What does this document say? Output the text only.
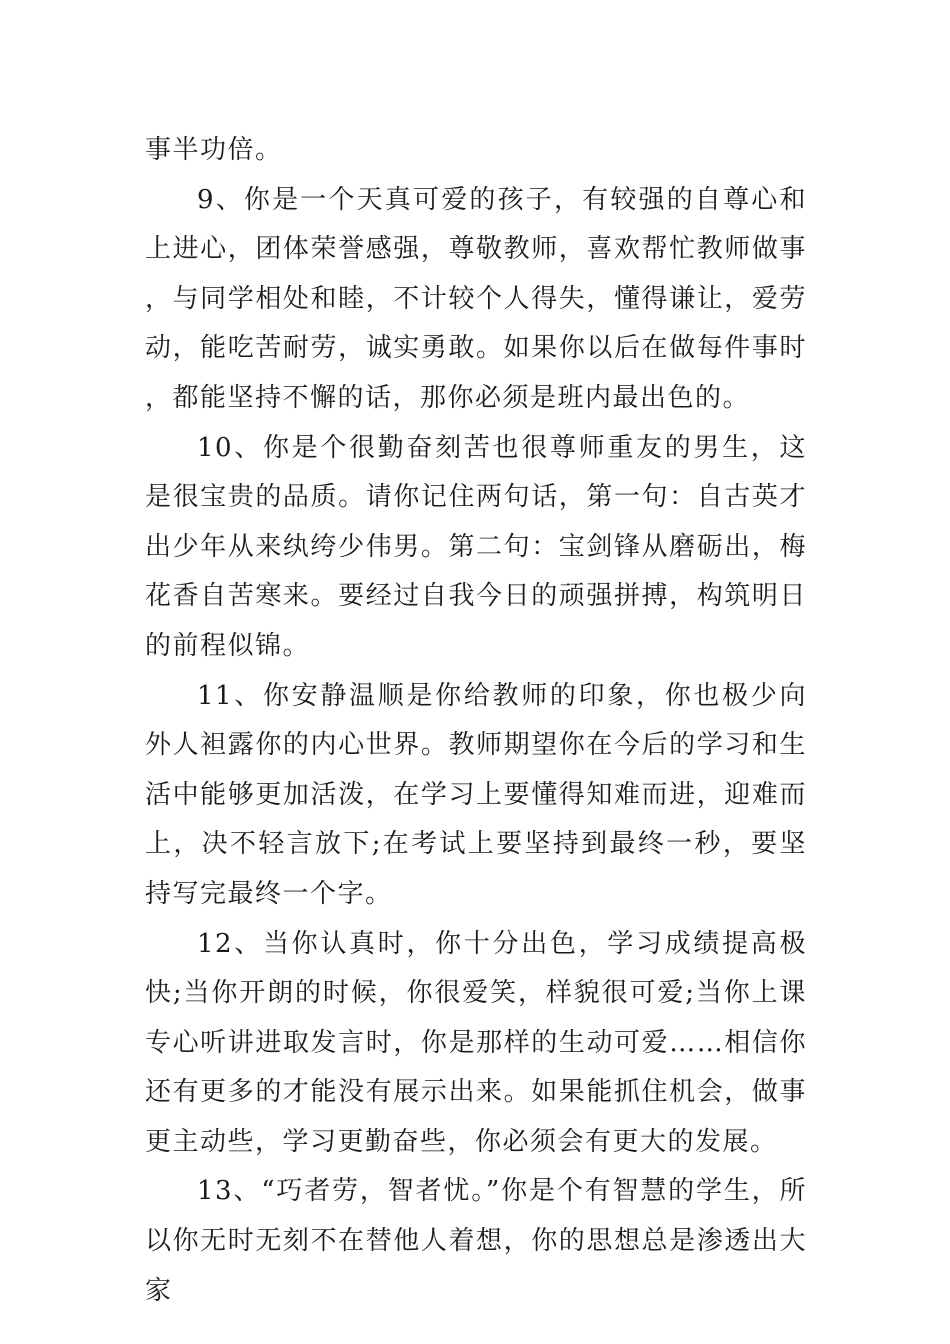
事半功倍。

9、你是一个天真可爱的孩子，有较强的自尊心和上进心，团体荣誉感强，尊敬教师，喜欢帮忙教师做事，与同学相处和睦，不计较个人得失，懂得谦让，爱劳动，能吃苦耐劳，诚实勇敢。如果你以后在做每件事时，都能坚持不懈的话，那你必须是班内最出色的。

10、你是个很勤奋刻苦也很尊师重友的男生，这是很宝贵的品质。请你记住两句话，第一句：自古英才出少年从来纨绔少伟男。第二句：宝剑锋从磨砺出，梅花香自苦寒来。要经过自我今日的顽强拼搏，构筑明日的前程似锦。

11、你安静温顺是你给教师的印象，你也极少向外人袒露你的内心世界。教师期望你在今后的学习和生活中能够更加活泼，在学习上要懂得知难而进，迎难而上，决不轻言放下;在考试上要坚持到最终一秒，要坚持写完最终一个字。

12、当你认真时，你十分出色，学习成绩提高极快;当你开朗的时候，你很爱笑，样貌很可爱;当你上课专心听讲进取发言时，你是那样的生动可爱……相信你还有更多的才能没有展示出来。如果能抓住机会，做事更主动些，学习更勤奋些，你必须会有更大的发展。

13、“巧者劳，智者忧。”你是个有智慧的学生，所以你无时无刻不在替他人着想，你的思想总是渗透出大家
